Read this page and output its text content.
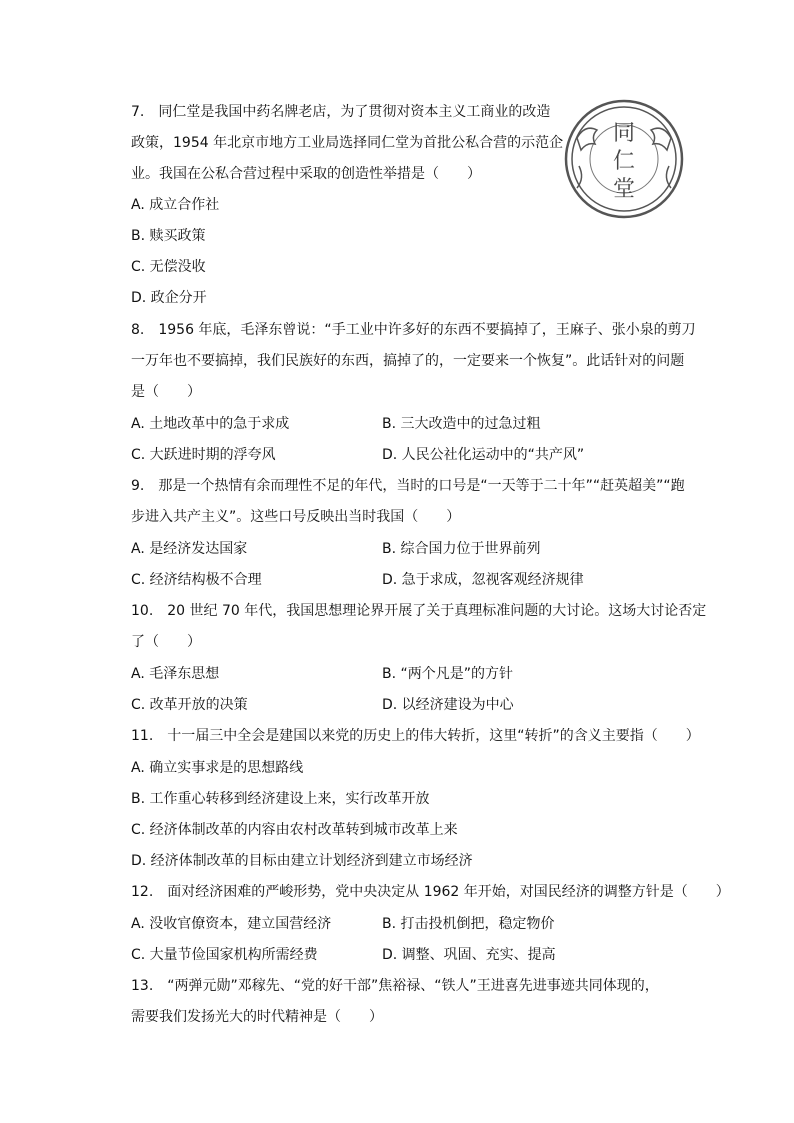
7.　同仁堂是我国中药名牌老店，为了贯彻对资本主义工商业的改造
政策，1954 年北京市地方工业局选择同仁堂为首批公私合营的示范企
业。我国在公私合营过程中采取的创造性举措是（　　）
A. 成立合作社
B. 赎买政策
C. 无偿没收
D. 政企分开
同
仁
堂
8.　1956 年底，毛泽东曾说：“手工业中许多好的东西不要搞掉了，王麻子、张小泉的剪刀
一万年也不要搞掉，我们民族好的东西，搞掉了的，一定要来一个恢复”。此话针对的问题
是（　　）
A. 土地改革中的急于求成	B. 三大改造中的过急过粗
C. 大跃进时期的浮夸风	D. 人民公社化运动中的“共产风”
9.　那是一个热情有余而理性不足的年代，当时的口号是“一天等于二十年”“赶英超美”“跑
步进入共产主义”。这些口号反映出当时我国（　　）
A. 是经济发达国家	B. 综合国力位于世界前列
C. 经济结构极不合理	D. 急于求成，忽视客观经济规律
10.　20 世纪 70 年代，我国思想理论界开展了关于真理标准问题的大讨论。这场大讨论否定
了（　　）
A. 毛泽东思想	B. “两个凡是”的方针
C. 改革开放的决策	D. 以经济建设为中心
11.　十一届三中全会是建国以来党的历史上的伟大转折，这里“转折”的含义主要指（　　）
A. 确立实事求是的思想路线
B. 工作重心转移到经济建设上来，实行改革开放
C. 经济体制改革的内容由农村改革转到城市改革上来
D. 经济体制改革的目标由建立计划经济到建立市场经济
12.　面对经济困难的严峻形势，党中央决定从 1962 年开始，对国民经济的调整方针是（　　）
A. 没收官僚资本，建立国营经济	B. 打击投机倒把，稳定物价
C. 大量节俭国家机构所需经费	D. 调整、巩固、充实、提高
13.　“两弹元勋”邓稼先、“党的好干部”焦裕禄、“铁人”王进喜先进事迹共同体现的，
需要我们发扬光大的时代精神是（　　）
